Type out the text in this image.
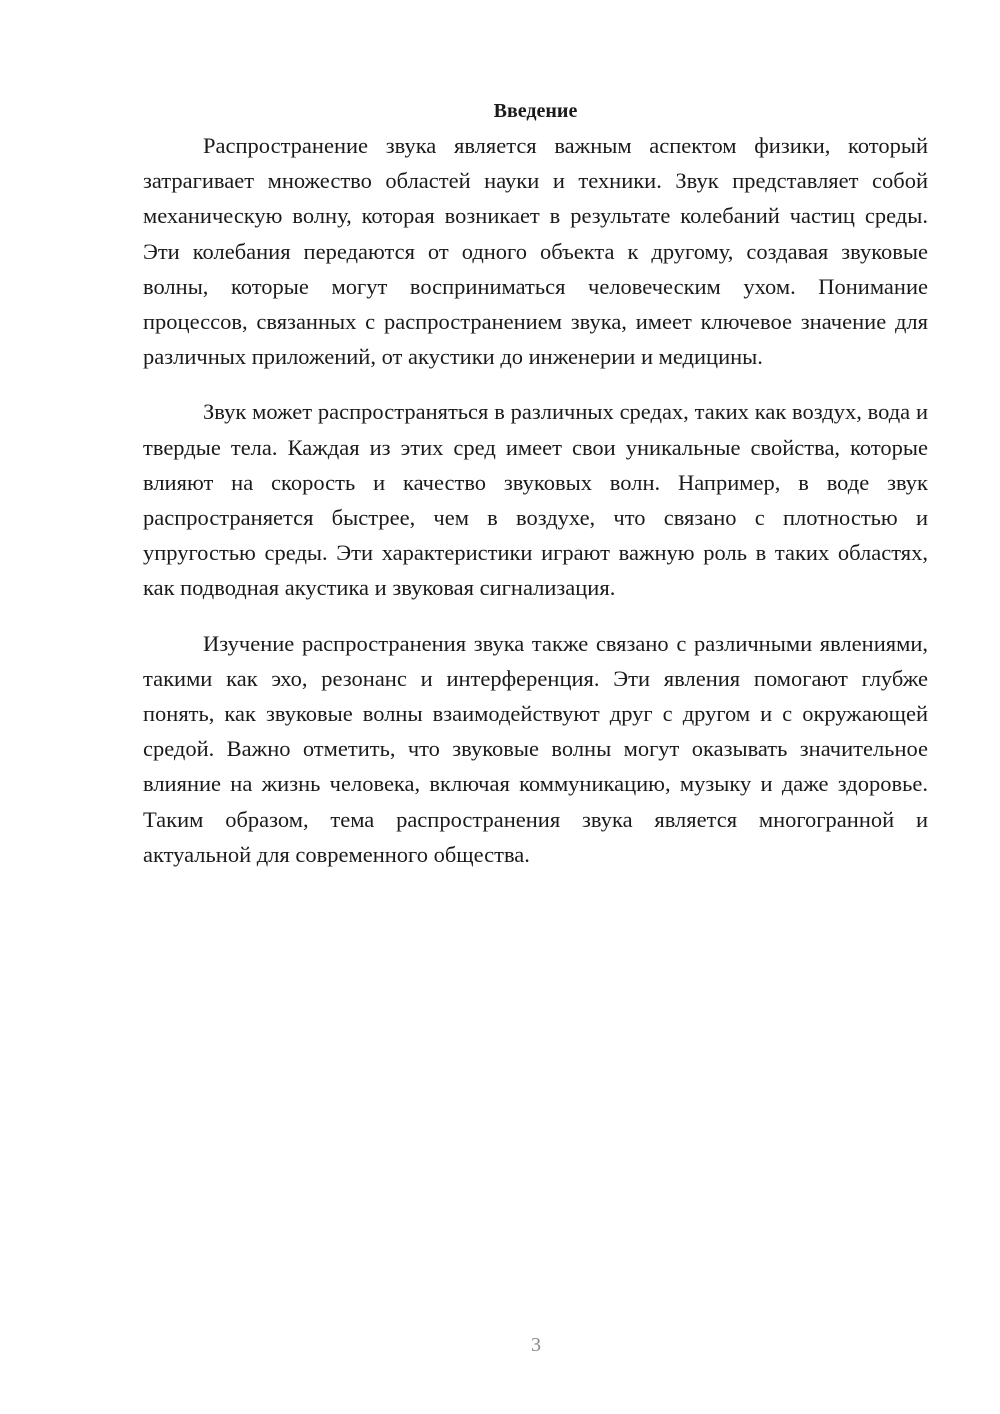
Введение

Распространение звука является важным аспектом физики, который затрагивает множество областей науки и техники. Звук представляет собой механическую волну, которая возникает в результате колебаний частиц среды. Эти колебания передаются от одного объекта к другому, создавая звуковые волны, которые могут восприниматься человеческим ухом. Понимание процессов, связанных с распространением звука, имеет ключевое значение для различных приложений, от акустики до инженерии и медицины.

Звук может распространяться в различных средах, таких как воздух, вода и твердые тела. Каждая из этих сред имеет свои уникальные свойства, которые влияют на скорость и качество звуковых волн. Например, в воде звук распространяется быстрее, чем в воздухе, что связано с плотностью и упругостью среды. Эти характеристики играют важную роль в таких областях, как подводная акустика и звуковая сигнализация.

Изучение распространения звука также связано с различными явлениями, такими как эхо, резонанс и интерференция. Эти явления помогают глубже понять, как звуковые волны взаимодействуют друг с другом и с окружающей средой. Важно отметить, что звуковые волны могут оказывать значительное влияние на жизнь человека, включая коммуникацию, музыку и даже здоровье. Таким образом, тема распространения звука является многогранной и актуальной для современного общества.

3
